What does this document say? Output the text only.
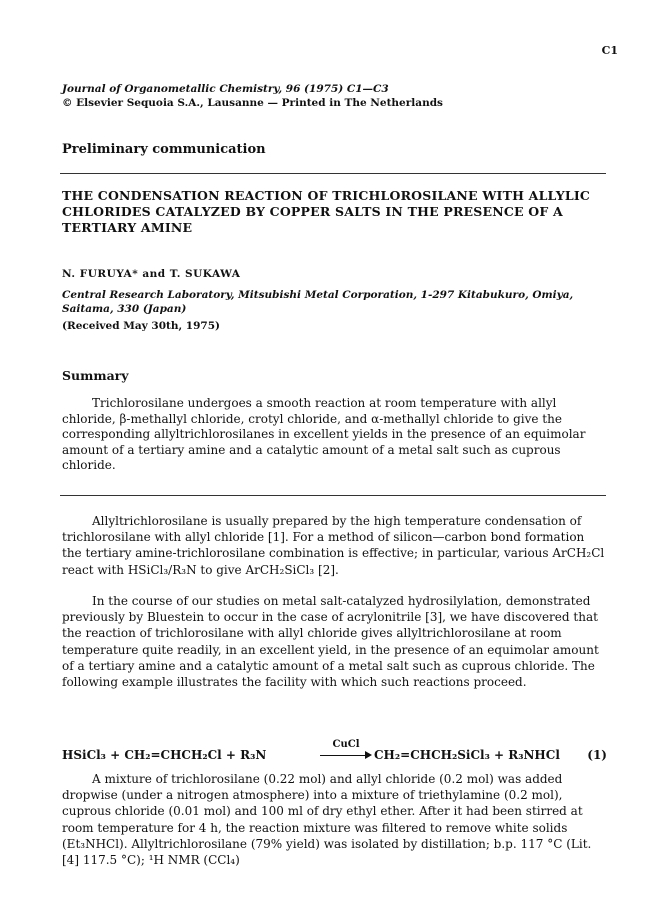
C1
Journal of Organometallic Chemistry, 96 (1975) C1—C3
© Elsevier Sequoia S.A., Lausanne — Printed in The Netherlands
Preliminary communication
THE CONDENSATION REACTION OF TRICHLOROSILANE WITH ALLYLIC CHLORIDES CATALYZED BY COPPER SALTS IN THE PRESENCE OF A TERTIARY AMINE
N. FURUYA* and T. SUKAWA
Central Research Laboratory, Mitsubishi Metal Corporation, 1-297 Kitabukuro, Omiya, Saitama, 330 (Japan)
(Received May 30th, 1975)
Summary

Trichlorosilane undergoes a smooth reaction at room temperature with allyl chloride, β-methallyl chloride, crotyl chloride, and α-methallyl chloride to give the corresponding allyltrichlorosilanes in excellent yields in the presence of an equimolar amount of a tertiary amine and a catalytic amount of a metal salt such as cuprous chloride.

Allyltrichlorosilane is usually prepared by the high temperature condensation of trichlorosilane with allyl chloride [1]. For a method of silicon—carbon bond formation the tertiary amine-trichlorosilane combination is effective; in particular, various ArCH₂Cl react with HSiCl₃/R₃N to give ArCH₂SiCl₃ [2].

In the course of our studies on metal salt-catalyzed hydrosilylation, demonstrated previously by Bluestein to occur in the case of acrylonitrile [3], we have discovered that the reaction of trichlorosilane with allyl chloride gives allyltrichlorosilane at room temperature quite readily, in an excellent yield, in the presence of an equimolar amount of a tertiary amine and a catalytic amount of a metal salt such as cuprous chloride. The following example illustrates the facility with which such reactions proceed.

HSiCl₃ + CH₂=CHCH₂Cl + R₃N
CuCl
CH₂=CHCH₂SiCl₃ + R₃NHCl (1)

A mixture of trichlorosilane (0.22 mol) and allyl chloride (0.2 mol) was added dropwise (under a nitrogen atmosphere) into a mixture of triethylamine (0.2 mol), cuprous chloride (0.01 mol) and 100 ml of dry ethyl ether. After it had been stirred at room temperature for 4 h, the reaction mixture was filtered to remove white solids (Et₃NHCl). Allyltrichlorosilane (79% yield) was isolated by distillation; b.p. 117 °C (Lit. [4] 117.5 °C); ¹H NMR (CCl₄)
